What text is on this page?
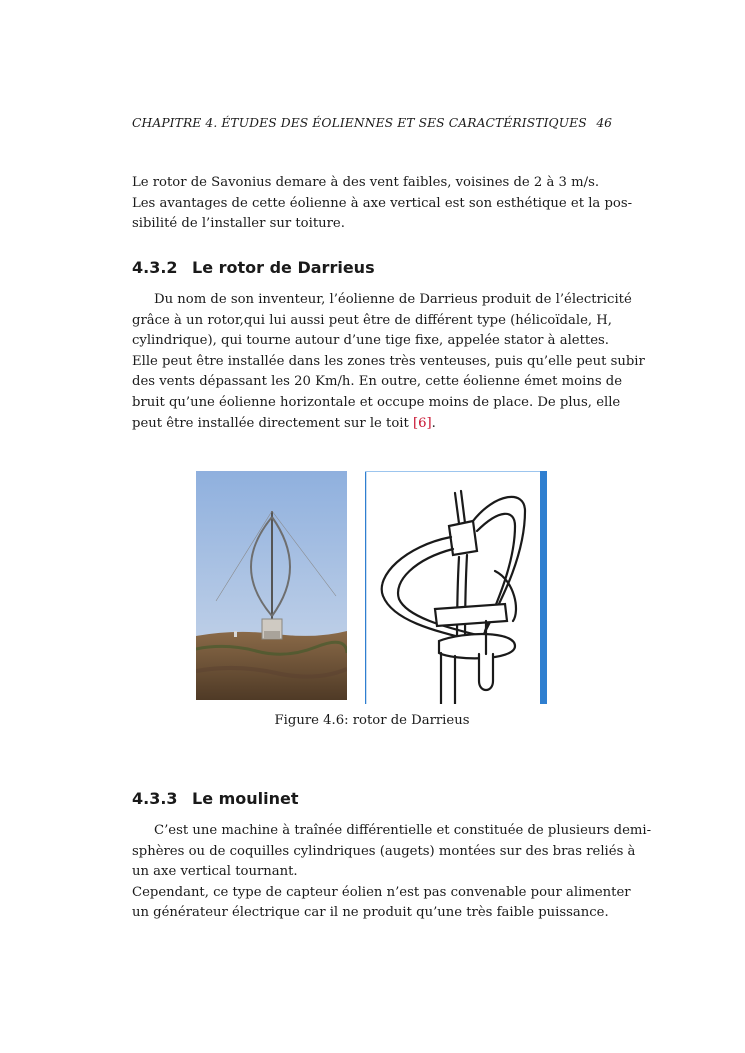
CHAPITRE 4. ÉTUDES DES ÉOLIENNES ET SES CARACTÉRISTIQUES 46
Le rotor de Savonius demare à des vent faibles, voisines de 2 à 3 m/s.
Les avantages de cette éolienne à axe vertical est son esthétique et la pos-
sibilité de l’installer sur toiture.
4.3.2 Le rotor de Darrieus
Du nom de son inventeur, l’éolienne de Darrieus produit de l’électricité
grâce à un rotor,qui lui aussi peut être de différent type (hélicoïdale, H,
cylindrique), qui tourne autour d’une tige fixe, appelée stator à alettes.
Elle peut être installée dans les zones très venteuses, puis qu’elle peut subir
des vents dépassant les 20 Km/h. En outre, cette éolienne émet moins de
bruit qu’une éolienne horizontale et occupe moins de place. De plus, elle
peut être installée directement sur le toit [6].
Figure 4.6: rotor de Darrieus
4.3.3 Le moulinet
C’est une machine à traînée différentielle et constituée de plusieurs demi-
sphères ou de coquilles cylindriques (augets) montées sur des bras reliés à
un axe vertical tournant.
Cependant, ce type de capteur éolien n’est pas convenable pour alimenter
un générateur électrique car il ne produit qu’une très faible puissance.
